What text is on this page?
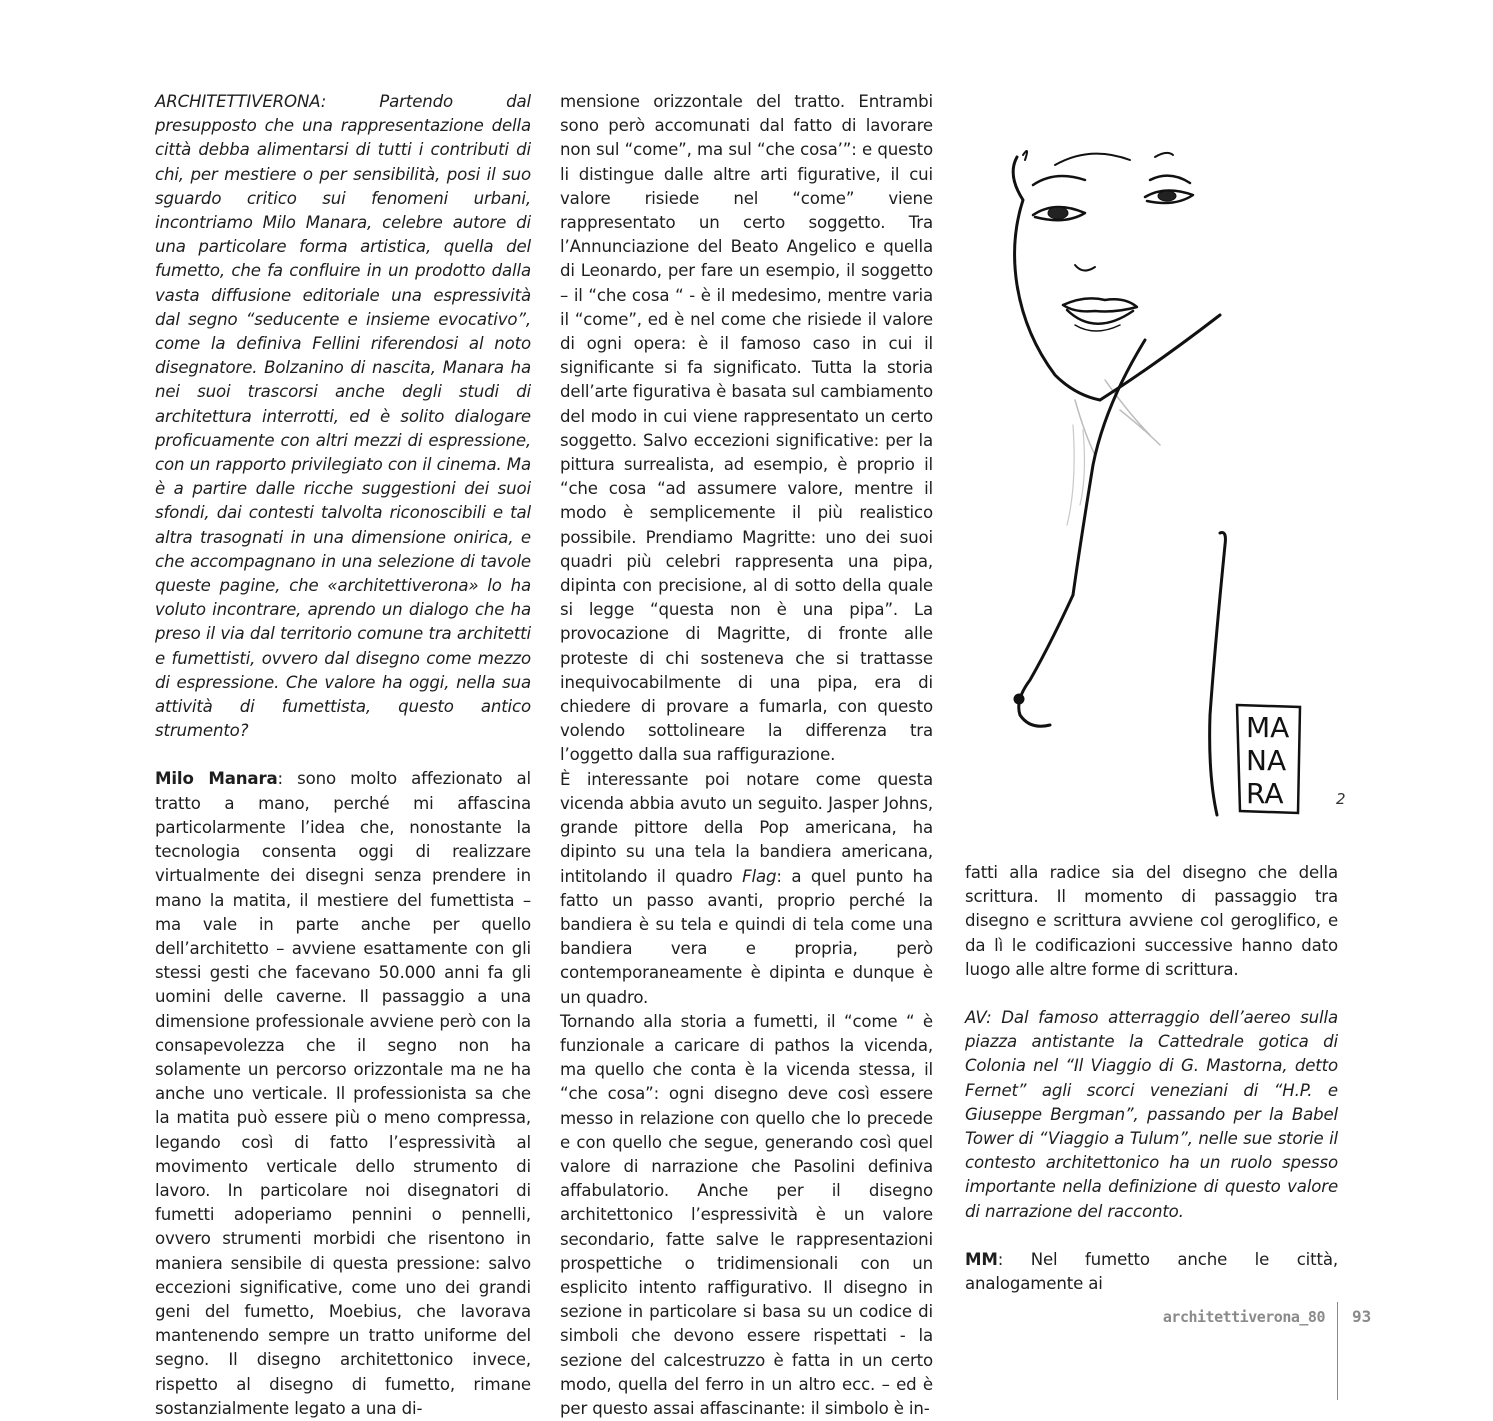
ARCHITETTIVERONA: Partendo dal presupposto che una rappresentazione della città debba alimentarsi di tutti i contributi di chi, per mestiere o per sensibilità, posi il suo sguardo critico sui fenomeni urbani, incontriamo Milo Manara, celebre autore di una particolare forma artistica, quella del fumetto, che fa confluire in un prodotto dalla vasta diffusione editoriale una espressività dal segno “seducente e insieme evocativo”, come la definiva Fellini riferendosi al noto disegnatore. Bolzanino di nascita, Manara ha nei suoi trascorsi anche degli studi di architettura interrotti, ed è solito dialogare proficuamente con altri mezzi di espressione, con un rapporto privilegiato con il cinema. Ma è a partire dalle ricche suggestioni dei suoi sfondi, dai contesti talvolta riconoscibili e tal altra trasognati in una dimensione onirica, e che accompagnano in una selezione di tavole queste pagine, che «architettiverona» lo ha voluto incontrare, aprendo un dialogo che ha preso il via dal territorio comune tra architetti e fumettisti, ovvero dal disegno come mezzo di espressione. Che valore ha oggi, nella sua attività di fumettista, questo antico strumento?

Milo Manara: sono molto affezionato al tratto a mano, perché mi affascina particolarmente l’idea che, nonostante la tecnologia consenta oggi di realizzare virtualmente dei disegni senza prendere in mano la matita, il mestiere del fumettista – ma vale in parte anche per quello dell’architetto – avviene esattamente con gli stessi gesti che facevano 50.000 anni fa gli uomini delle caverne. Il passaggio a una dimensione professionale avviene però con la consapevolezza che il segno non ha solamente un percorso orizzontale ma ne ha anche uno verticale. Il professionista sa che la matita può essere più o meno compressa, legando così di fatto l’espressività al movimento verticale dello strumento di lavoro. In particolare noi disegnatori di fumetti adoperiamo pennini o pennelli, ovvero strumenti morbidi che risentono in maniera sensibile di questa pressione: salvo eccezioni significative, come uno dei grandi geni del fumetto, Moebius, che lavorava mantenendo sempre un tratto uniforme del segno. Il disegno architettonico invece, rispetto al disegno di fumetto, rimane sostanzialmente legato a una di-

mensione orizzontale del tratto. Entrambi sono però accomunati dal fatto di lavorare non sul “come”, ma sul “che cosa’”: e questo li distingue dalle altre arti figurative, il cui valore risiede nel “come” viene rappresentato un certo soggetto. Tra l’Annunciazione del Beato Angelico e quella di Leonardo, per fare un esempio, il soggetto – il “che cosa “ - è il medesimo, mentre varia il “come”, ed è nel come che risiede il valore di ogni opera: è il famoso caso in cui il significante si fa significato. Tutta la storia dell’arte figurativa è basata sul cambiamento del modo in cui viene rappresentato un certo soggetto. Salvo eccezioni significative: per la pittura surrealista, ad esempio, è proprio il “che cosa “ad assumere valore, mentre il modo è semplicemente il più realistico possibile. Prendiamo Magritte: uno dei suoi quadri più celebri rappresenta una pipa, dipinta con precisione, al di sotto della quale si legge “questa non è una pipa”. La provocazione di Magritte, di fronte alle proteste di chi sosteneva che si trattasse inequivocabilmente di una pipa, era di chiedere di provare a fumarla, con questo volendo sottolineare la differenza tra l’oggetto dalla sua raffigurazione.

È interessante poi notare come questa vicenda abbia avuto un seguito. Jasper Johns, grande pittore della Pop americana, ha dipinto su una tela la bandiera americana, intitolando il quadro Flag: a quel punto ha fatto un passo avanti, proprio perché la bandiera è su tela e quindi di tela come una bandiera vera e propria, però contemporaneamente è dipinta e dunque è un quadro.

Tornando alla storia a fumetti, il “come “ è funzionale a caricare di pathos la vicenda, ma quello che conta è la vicenda stessa, il “che cosa”: ogni disegno deve così essere messo in relazione con quello che lo precede e con quello che segue, generando così quel valore di narrazione che Pasolini definiva affabulatorio. Anche per il disegno architettonico l’espressività è un valore secondario, fatte salve le rappresentazioni prospettiche o tridimensionali con un esplicito intento raffigurativo. Il disegno in sezione in particolare si basa su un codice di simboli che devono essere rispettati - la sezione del calcestruzzo è fatta in un certo modo, quella del ferro in un altro ecc. – ed è per questo assai affascinante: il simbolo è in-

MA
NA
RA	2

fatti alla radice sia del disegno che della scrittura. Il momento di passaggio tra disegno e scrittura avviene col geroglifico, e da lì le codificazioni successive hanno dato luogo alle altre forme di scrittura.

AV: Dal famoso atterraggio dell’aereo sulla piazza antistante la Cattedrale gotica di Colonia nel “Il Viaggio di G. Mastorna, detto Fernet” agli scorci veneziani di “H.P. e Giuseppe Bergman”, passando per la Babel Tower di “Viaggio a Tulum”, nelle sue storie il contesto architettonico ha un ruolo spesso importante nella definizione di questo valore di narrazione del racconto.

MM: Nel fumetto anche le città, analogamente ai

architettiverona_80 93
